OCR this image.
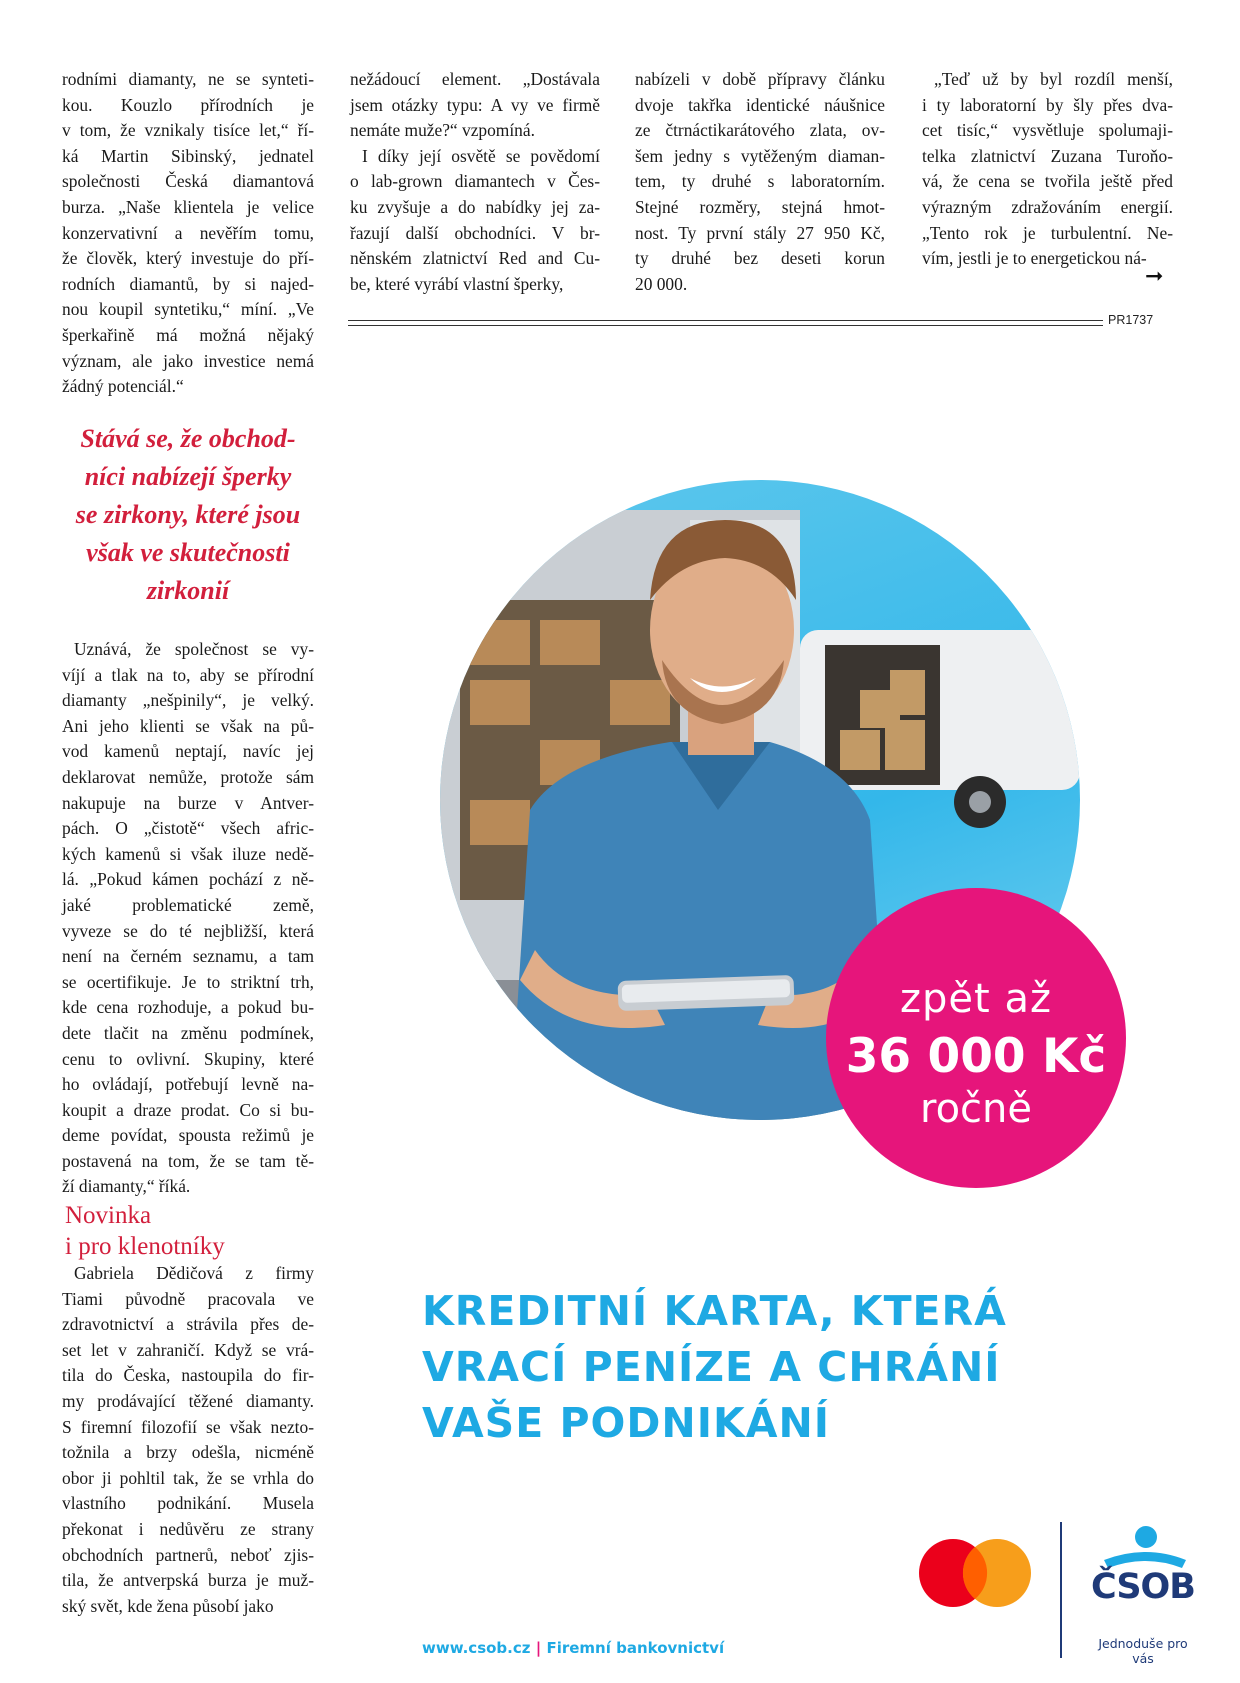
rodními diamanty, ne se synteti-
kou. Kouzlo přírodních je
v tom, že vznikaly tisíce let,“ ří-
ká Martin Sibinský, jednatel
společnosti Česká diamantová
burza. „Naše klientela je velice
konzervativní a nevěřím tomu,
že člověk, který investuje do pří-
rodních diamantů, by si najed-
nou koupil syntetiku,“ míní. „Ve
šperkařině má možná nějaký
význam, ale jako investice nemá
žádný potenciál.“
nežádoucí element. „Dostávala
jsem otázky typu: A vy ve firmě
nemáte muže?“ vzpomíná.
I díky její osvětě se povědomí
o lab-grown diamantech v Čes-
ku zvyšuje a do nabídky jej za-
řazují další obchodníci. V br-
něnském zlatnictví Red and Cu-
be, které vyrábí vlastní šperky,
nabízeli v době přípravy článku
dvoje takřka identické náušnice
ze čtrnáctikarátového zlata, ov-
šem jedny s vytěženým diaman-
tem, ty druhé s laboratorním.
Stejné rozměry, stejná hmot-
nost. Ty první stály 27 950 Kč,
ty druhé bez deseti korun
20 000.
„Teď už by byl rozdíl menší,
i ty laboratorní by šly přes dva-
cet tisíc,“ vysvětluje spolumaji-
telka zlatnictví Zuzana Turoňo-
vá, že cena se tvořila ještě před
výrazným zdražováním energií.
„Tento rok je turbulentní. Ne-
vím, jestli je to energetickou ná-
➞
PR1737
Stává se, že obchod-
níci nabízejí šperky
se zirkony, které jsou
však ve skutečnosti
zirkonií
Uznává, že společnost se vy-
víjí a tlak na to, aby se přírodní
diamanty „nešpinily“, je velký.
Ani jeho klienti se však na pů-
vod kamenů neptají, navíc jej
deklarovat nemůže, protože sám
nakupuje na burze v Antver-
pách. O „čistotě“ všech afric-
kých kamenů si však iluze nedě-
lá. „Pokud kámen pochází z ně-
jaké problematické země,
vyveze se do té nejbližší, která
není na černém seznamu, a tam
se ocertifikuje. Je to striktní trh,
kde cena rozhoduje, a pokud bu-
dete tlačit na změnu podmínek,
cenu to ovlivní. Skupiny, které
ho ovládají, potřebují levně na-
koupit a draze prodat. Co si bu-
deme povídat, spousta režimů je
postavená na tom, že se tam tě-
ží diamanty,“ říká.
Novinka
i pro klenotníky
Gabriela Dědičová z firmy
Tiami původně pracovala ve
zdravotnictví a strávila přes de-
set let v zahraničí. Když se vrá-
tila do Česka, nastoupila do fir-
my prodávající těžené diamanty.
S firemní filozofií se však nezto-
tožnila a brzy odešla, nicméně
obor ji pohltil tak, že se vrhla do
vlastního podnikání. Musela
překonat i nedůvěru ze strany
obchodních partnerů, neboť zjis-
tila, že antverpská burza je muž-
ský svět, kde žena působí jako
zpět až
36 000 Kč
ročně
KREDITNÍ KARTA, KTERÁ
VRACÍ PENÍZE A CHRÁNÍ
VAŠE PODNIKÁNÍ
www.csob.cz | Firemní bankovnictví
ČSOB
Jednoduše pro vás
